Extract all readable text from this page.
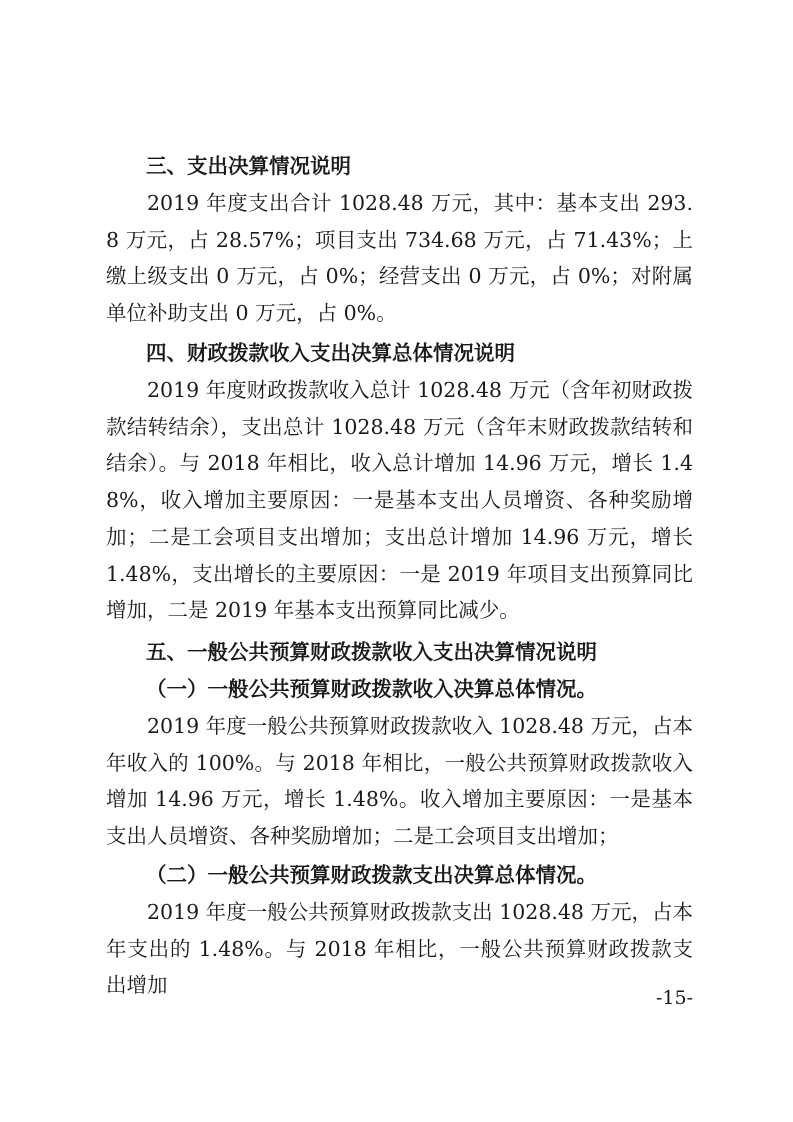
三、支出决算情况说明

2019 年度支出合计 1028.48 万元，其中：基本支出 293.8 万元，占 28.57%；项目支出 734.68 万元，占 71.43%；上缴上级支出 0 万元，占 0%；经营支出 0 万元，占 0%；对附属单位补助支出 0 万元，占 0%。

四、财政拨款收入支出决算总体情况说明

2019 年度财政拨款收入总计 1028.48 万元（含年初财政拨款结转结余），支出总计 1028.48 万元（含年末财政拨款结转和结余）。与 2018 年相比，收入总计增加 14.96 万元，增长 1.48%，收入增加主要原因：一是基本支出人员增资、各种奖励增加；二是工会项目支出增加；支出总计增加 14.96 万元，增长 1.48%，支出增长的主要原因：一是 2019 年项目支出预算同比增加，二是 2019 年基本支出预算同比减少。

五、一般公共预算财政拨款收入支出决算情况说明
（一）一般公共预算财政拨款收入决算总体情况。

2019 年度一般公共预算财政拨款收入 1028.48 万元，占本年收入的 100%。与 2018 年相比，一般公共预算财政拨款收入增加 14.96 万元，增长 1.48%。收入增加主要原因：一是基本支出人员增资、各种奖励增加；二是工会项目支出增加；

（二）一般公共预算财政拨款支出决算总体情况。

2019 年度一般公共预算财政拨款支出 1028.48 万元，占本年支出的 1.48%。与 2018 年相比，一般公共预算财政拨款支出增加

-15-
